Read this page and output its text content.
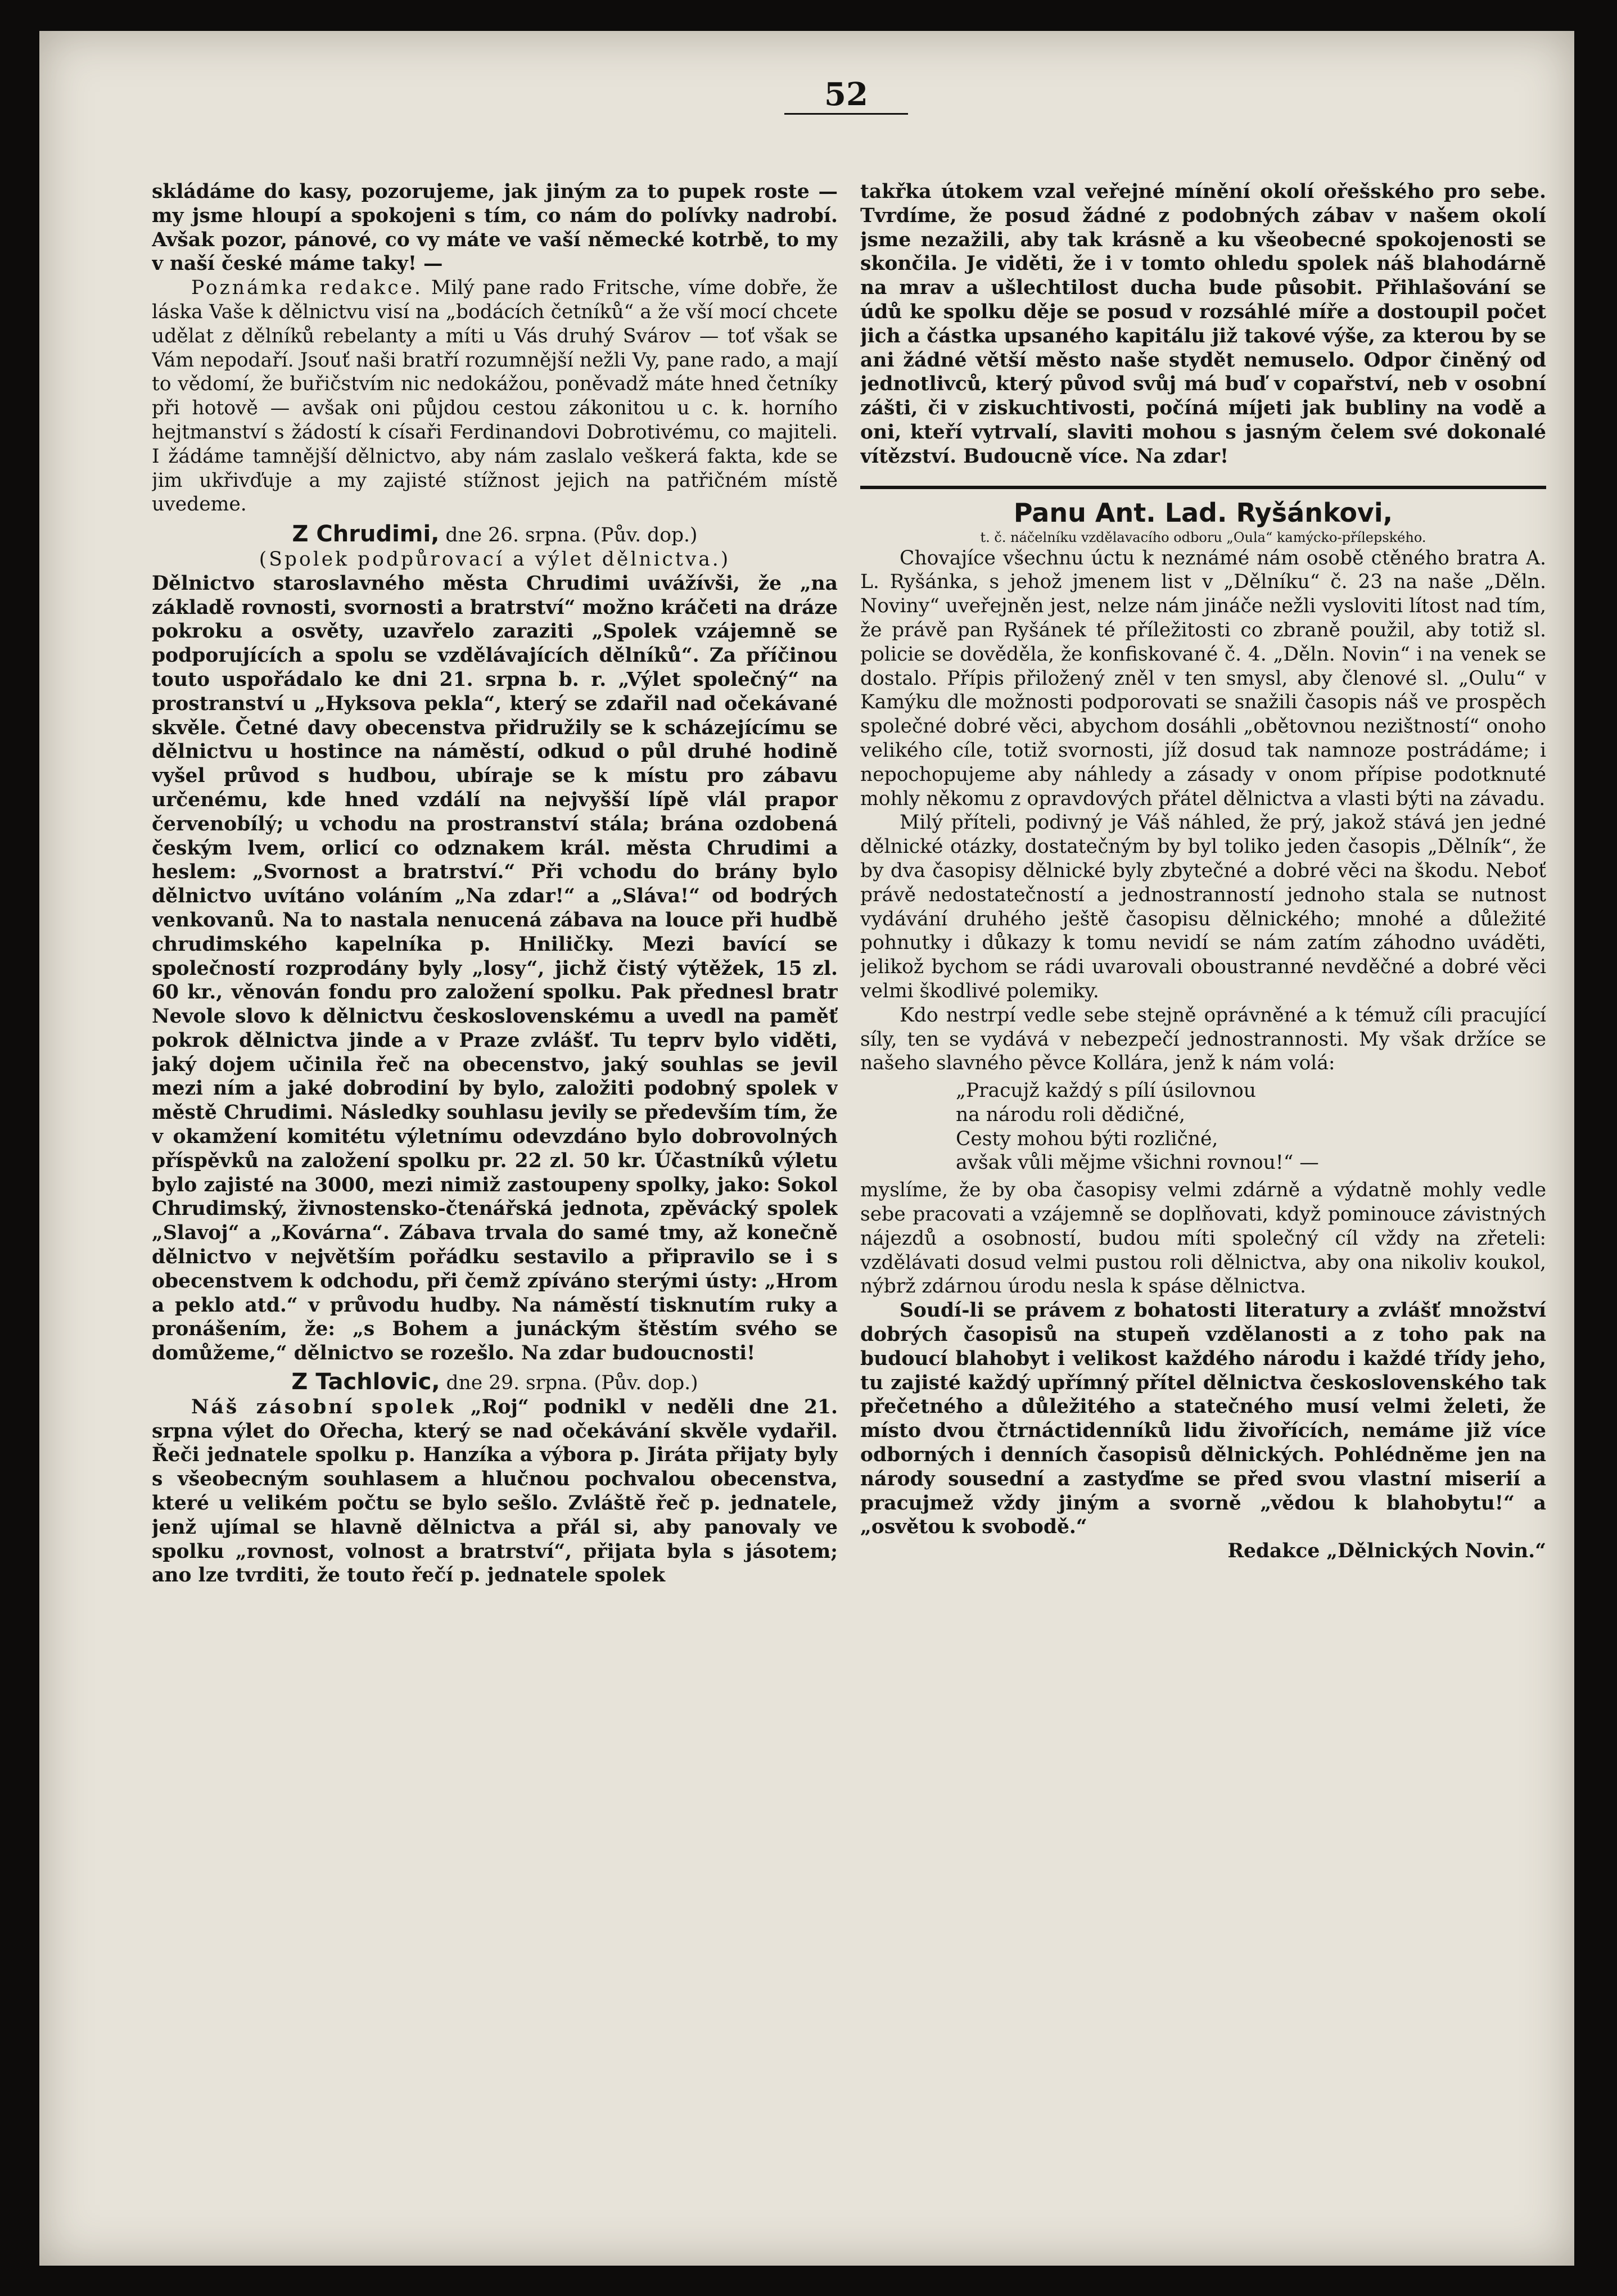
52

skládáme do kasy, pozorujeme, jak jiným za to pupek roste — my jsme hloupí a spokojeni s tím, co nám do polívky nadrobí. Avšak pozor, pánové, co vy máte ve vaší německé kotrbě, to my v naší české máme taky! —

Poznámka redakce. Milý pane rado Fritsche, víme dobře, že láska Vaše k dělnictvu visí na „bodácích četníků“ a že vší mocí chcete udělat z dělníků rebelanty a míti u Vás druhý Svárov — toť však se Vám nepodaří. Jsouť naši bratří rozumnější nežli Vy, pane rado, a mají to vědomí, že buřičstvím nic nedokážou, poněvadž máte hned četníky při hotově — avšak oni půjdou cestou zákonitou u c. k. horního hejtmanství s žádostí k císaři Ferdinandovi Dobrotivému, co majiteli. I žádáme tamnější dělnictvo, aby nám zaslalo veškerá fakta, kde se jim ukřivďuje a my zajisté stížnost jejich na patřičném místě uvedeme.

Z Chrudimi, dne 26. srpna. (Pův. dop.)

(Spolek podpůrovací a výlet dělnictva.)

Dělnictvo staroslavného města Chrudimi uvážívši, že „na základě rovnosti, svornosti a bratrství“ možno kráčeti na dráze pokroku a osvěty, uzavřelo zaraziti „Spolek vzájemně se podporujících a spolu se vzdělávajících dělníků“. Za příčinou touto uspořádalo ke dni 21. srpna b. r. „Výlet společný“ na prostranství u „Hyksova pekla“, který se zdařil nad očekávané skvěle. Četné davy obecenstva přidružily se k scházejícímu se dělnictvu u hostince na náměstí, odkud o půl druhé hodině vyšel průvod s hudbou, ubíraje se k místu pro zábavu určenému, kde hned vzdálí na nejvyšší lípě vlál prapor červenobílý; u vchodu na prostranství stála; brána ozdobená českým lvem, orlicí co odznakem král. města Chrudimi a heslem: „Svornost a bratrství.“ Při vchodu do brány bylo dělnictvo uvítáno voláním „Na zdar!“ a „Sláva!“ od bodrých venkovanů. Na to nastala nenucená zábava na louce při hudbě chrudimského kapelníka p. Hniličky. Mezi bavící se společností rozprodány byly „losy“, jichž čistý výtěžek, 15 zl. 60 kr., věnován fondu pro založení spolku. Pak přednesl bratr Nevole slovo k dělnictvu československému a uvedl na paměť pokrok dělnictva jinde a v Praze zvlášť. Tu teprv bylo viděti, jaký dojem učinila řeč na obecenstvo, jaký souhlas se jevil mezi ním a jaké dobrodiní by bylo, založiti podobný spolek v městě Chrudimi. Následky souhlasu jevily se především tím, že v okamžení komitétu výletnímu odevzdáno bylo dobrovolných příspěvků na založení spolku pr. 22 zl. 50 kr. Účastníků výletu bylo zajisté na 3000, mezi nimiž zastoupeny spolky, jako: Sokol Chrudimský, živnostensko-čtenářská jednota, zpěvácký spolek „Slavoj“ a „Kovárna“. Zábava trvala do samé tmy, až konečně dělnictvo v největším pořádku sestavilo a připravilo se i s obecenstvem k odchodu, při čemž zpíváno sterými ústy: „Hrom a peklo atd.“ v průvodu hudby. Na náměstí tisknutím ruky a pronášením, že: „s Bohem a junáckým štěstím svého se domůžeme,“ dělnictvo se rozešlo. Na zdar budoucnosti!

Z Tachlovic, dne 29. srpna. (Pův. dop.)

Náš zásobní spolek „Roj“ podnikl v neděli dne 21. srpna výlet do Ořecha, který se nad očekávání skvěle vydařil. Řeči jednatele spolku p. Hanzíka a výbora p. Jiráta přijaty byly s všeobecným souhlasem a hlučnou pochvalou obecenstva, které u velikém počtu se bylo sešlo. Zvláště řeč p. jednatele, jenž ujímal se hlavně dělnictva a přál si, aby panovaly ve spolku „rovnost, volnost a bratrství“, přijata byla s jásotem; ano lze tvrditi, že touto řečí p. jednatele spolek

takřka útokem vzal veřejné mínění okolí ořešského pro sebe. Tvrdíme, že posud žádné z podobných zábav v našem okolí jsme nezažili, aby tak krásně a ku všeobecné spokojenosti se skončila. Je viděti, že i v tomto ohledu spolek náš blahodárně na mrav a ušlechtilost ducha bude působit. Přihlašování se údů ke spolku děje se posud v rozsáhlé míře a dostoupil počet jich a částka upsaného kapitálu již takové výše, za kterou by se ani žádné větší město naše stydět nemuselo. Odpor činěný od jednotlivců, který původ svůj má buď v copařství, neb v osobní zášti, či v ziskuchtivosti, počíná míjeti jak bubliny na vodě a oni, kteří vytrvalí, slaviti mohou s jasným čelem své dokonalé vítězství. Budoucně více. Na zdar!

Panu Ant. Lad. Ryšánkovi,

t. č. náčelníku vzdělavacího odboru „Oula“ kamýcko-přílepského.

Chovajíce všechnu úctu k neznámé nám osobě ctěného bratra A. L. Ryšánka, s jehož jmenem list v „Dělníku“ č. 23 na naše „Děln. Noviny“ uveřejněn jest, nelze nám jináče nežli vysloviti lítost nad tím, že právě pan Ryšánek té příležitosti co zbraně použil, aby totiž sl. policie se dověděla, že konfiskované č. 4. „Děln. Novin“ i na venek se dostalo. Přípis přiložený zněl v ten smysl, aby členové sl. „Oulu“ v Kamýku dle možnosti podporovati se snažili časopis náš ve prospěch společné dobré věci, abychom dosáhli „obětovnou nezištností“ onoho velikého cíle, totiž svornosti, jíž dosud tak namnoze postrádáme; i nepochopujeme aby náhledy a zásady v onom přípise podotknuté mohly někomu z opravdových přátel dělnictva a vlasti býti na závadu.

Milý příteli, podivný je Váš náhled, že prý, jakož stává jen jedné dělnické otázky, dostatečným by byl toliko jeden časopis „Dělník“, že by dva časopisy dělnické byly zbytečné a dobré věci na škodu. Neboť právě nedostatečností a jednostranností jednoho stala se nutnost vydávání druhého ještě časopisu dělnického; mnohé a důležité pohnutky i důkazy k tomu nevidí se nám zatím záhodno uváděti, jelikož bychom se rádi uvarovali oboustranné nevděčné a dobré věci velmi škodlivé polemiky.

Kdo nestrpí vedle sebe stejně oprávněné a k témuž cíli pracující síly, ten se vydává v nebezpečí jednostrannosti. My však držíce se našeho slavného pěvce Kollára, jenž k nám volá:

„Pracujž každý s pílí úsilovnou
na národu roli dědičné,
Cesty mohou býti rozličné,
avšak vůli mějme všichni rovnou!“ —

myslíme, že by oba časopisy velmi zdárně a výdatně mohly vedle sebe pracovati a vzájemně se doplňovati, když pominouce závistných nájezdů a osobností, budou míti společný cíl vždy na zřeteli: vzdělávati dosud velmi pustou roli dělnictva, aby ona nikoliv koukol, nýbrž zdárnou úrodu nesla k spáse dělnictva.

Soudí-li se právem z bohatosti literatury a zvlášť množství dobrých časopisů na stupeň vzdělanosti a z toho pak na budoucí blahobyt i velikost každého národu i každé třídy jeho, tu zajisté každý upřímný přítel dělnictva československého tak přečetného a důležitého a statečného musí velmi želeti, že místo dvou čtrnáctidenníků lidu živořících, nemáme již více odborných i denních časopisů dělnických. Pohlédněme jen na národy sousední a zastyďme se před svou vlastní miserií a pracujmež vždy jiným a svorně „vědou k blahobytu!“ a „osvětou k svobodě.“

Redakce „Dělnických Novin.“
